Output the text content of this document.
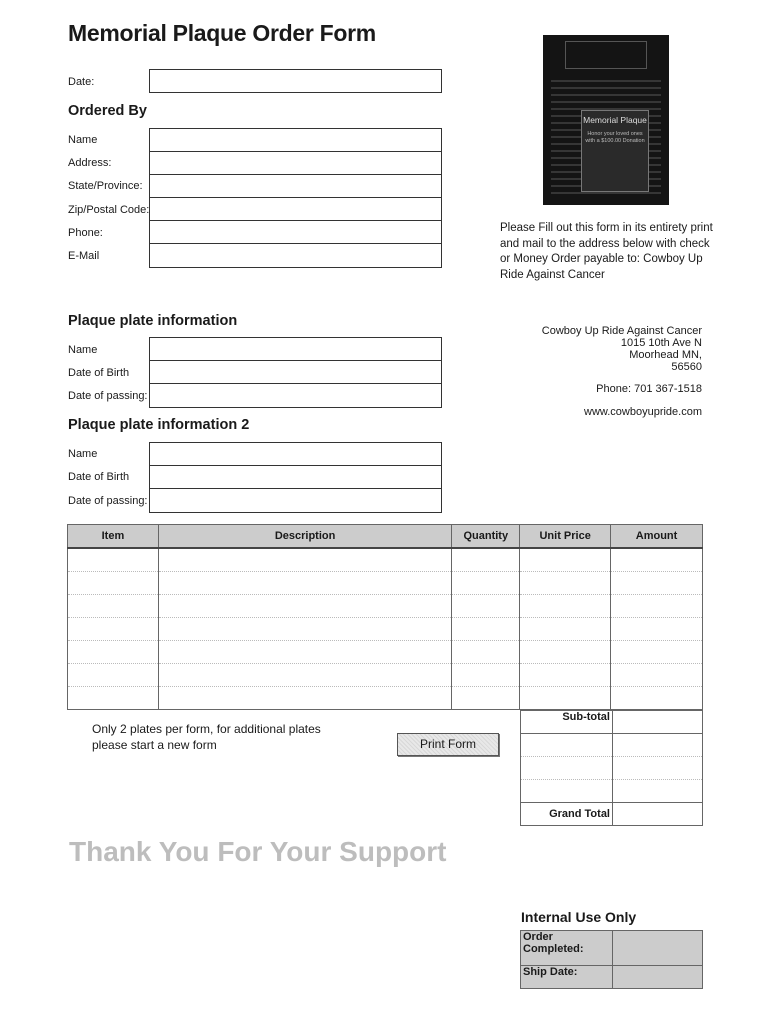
Memorial Plaque Order Form
Date:
Ordered By
Name
Address:
State/Province:
Zip/Postal Code:
Phone:
E-Mail
Memorial Plaque
Honor your loved ones with a $100.00 Donation
Please Fill out this form in its entirety print and mail to the address below with check or Money Order payable to: Cowboy Up Ride Against Cancer
Plaque plate information
Name
Date of Birth
Date of passing:
Cowboy Up Ride Against Cancer
1015 10th Ave N
Moorhead MN,
56560
Phone: 701 367-1518
www.cowboyupride.com
Plaque plate information 2
Name
Date of Birth
Date of passing:
Item	Description	Quantity	Unit Price	Amount

Sub-total	

Grand Total	
Only 2 plates per form, for additional plates please start a new form	Print Form
Thank You For Your Support
Internal Use Only
Order Completed:	
Ship Date:	
